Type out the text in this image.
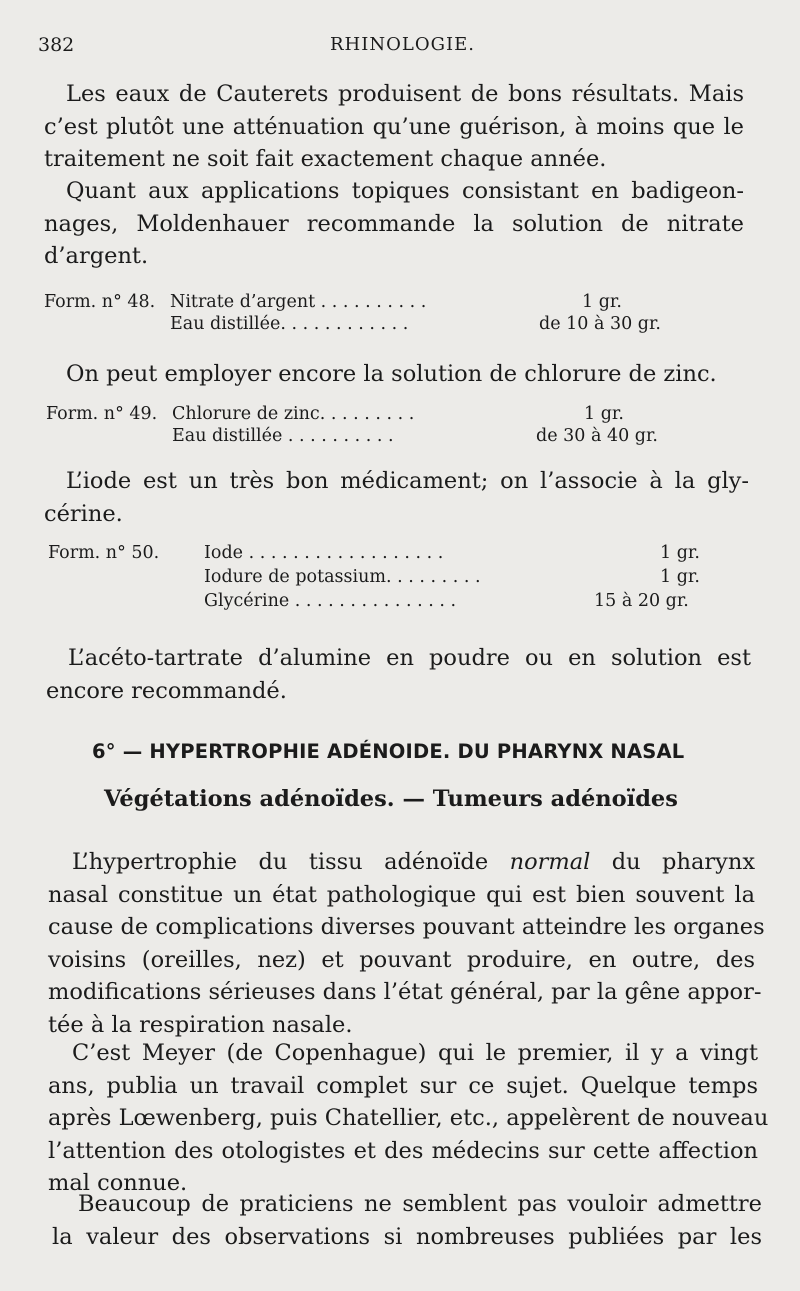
382	RHINOLOGIE.
Les eaux de Cauterets produisent de bons résultats. Mais
c’est plutôt une atténuation qu’une guérison, à moins que le
traitement ne soit fait exactement chaque année.
Quant aux applications topiques consistant en badigeon-
nages, Moldenhauer recommande la solution de nitrate
d’argent.
Form. n° 48. Nitrate d’argent . . . . . . . . . .	1 gr.
Eau distillée. . . . . . . . . . . .	de 10 à 30 gr.
On peut employer encore la solution de chlorure de zinc.
Form. n° 49. Chlorure de zinc. . . . . . . . .	1 gr.
Eau distillée . . . . . . . . . .	de 30 à 40 gr.
L’iode est un très bon médicament; on l’associe à la gly-
cérine.
Form. n° 50.	Iode . . . . . . . . . . . . . . . . . .	1 gr.
Iodure de potassium. . . . . . . . .	1 gr.
Glycérine . . . . . . . . . . . . . . .	15 à 20 gr.
L’acéto-tartrate d’alumine en poudre ou en solution est
encore recommandé.
6° — HYPERTROPHIE ADÉNOIDE. DU PHARYNX NASAL
Végétations adénoïdes. — Tumeurs adénoïdes
L’hypertrophie du tissu adénoïde normal du pharynx
nasal constitue un état pathologique qui est bien souvent la
cause de complications diverses pouvant atteindre les organes
voisins (oreilles, nez) et pouvant produire, en outre, des
modifications sérieuses dans l’état général, par la gêne appor-
tée à la respiration nasale.
C’est Meyer (de Copenhague) qui le premier, il y a vingt
ans, publia un travail complet sur ce sujet. Quelque temps
après Lœwenberg, puis Chatellier, etc., appelèrent de nouveau
l’attention des otologistes et des médecins sur cette affection
mal connue.
Beaucoup de praticiens ne semblent pas vouloir admettre
la valeur des observations si nombreuses publiées par les
